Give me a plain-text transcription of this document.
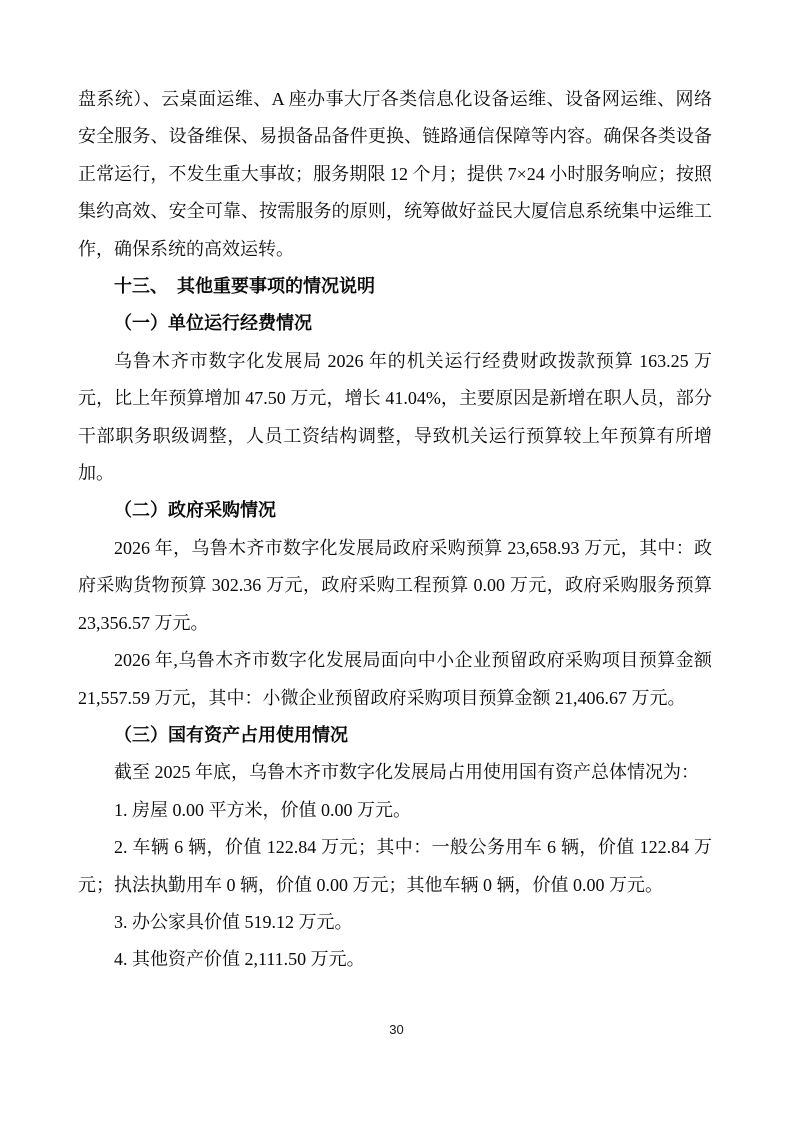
盘系统）、云桌面运维、A 座办事大厅各类信息化设备运维、设备网运维、网络安全服务、设备维保、易损备品备件更换、链路通信保障等内容。确保各类设备正常运行，不发生重大事故；服务期限 12 个月；提供 7×24 小时服务响应；按照集约高效、安全可靠、按需服务的原则，统筹做好益民大厦信息系统集中运维工作，确保系统的高效运转。

十三、　其他重要事项的情况说明

（一）单位运行经费情况

乌鲁木齐市数字化发展局 2026 年的机关运行经费财政拨款预算 163.25 万元，比上年预算增加 47.50 万元，增长 41.04%，主要原因是新增在职人员，部分干部职务职级调整，人员工资结构调整，导致机关运行预算较上年预算有所增加。

（二）政府采购情况

2026 年，乌鲁木齐市数字化发展局政府采购预算 23,658.93 万元，其中：政府采购货物预算 302.36 万元，政府采购工程预算 0.00 万元，政府采购服务预算 23,356.57 万元。

2026 年,乌鲁木齐市数字化发展局面向中小企业预留政府采购项目预算金额 21,557.59 万元，其中：小微企业预留政府采购项目预算金额 21,406.67 万元。

（三）国有资产占用使用情况

截至 2025 年底，乌鲁木齐市数字化发展局占用使用国有资产总体情况为：

1. 房屋 0.00 平方米，价值 0.00 万元。

2. 车辆 6 辆，价值 122.84 万元；其中：一般公务用车 6 辆，价值 122.84 万元；执法执勤用车 0 辆，价值 0.00 万元；其他车辆 0 辆，价值 0.00 万元。

3. 办公家具价值 519.12 万元。

4. 其他资产价值 2,111.50 万元。

30
